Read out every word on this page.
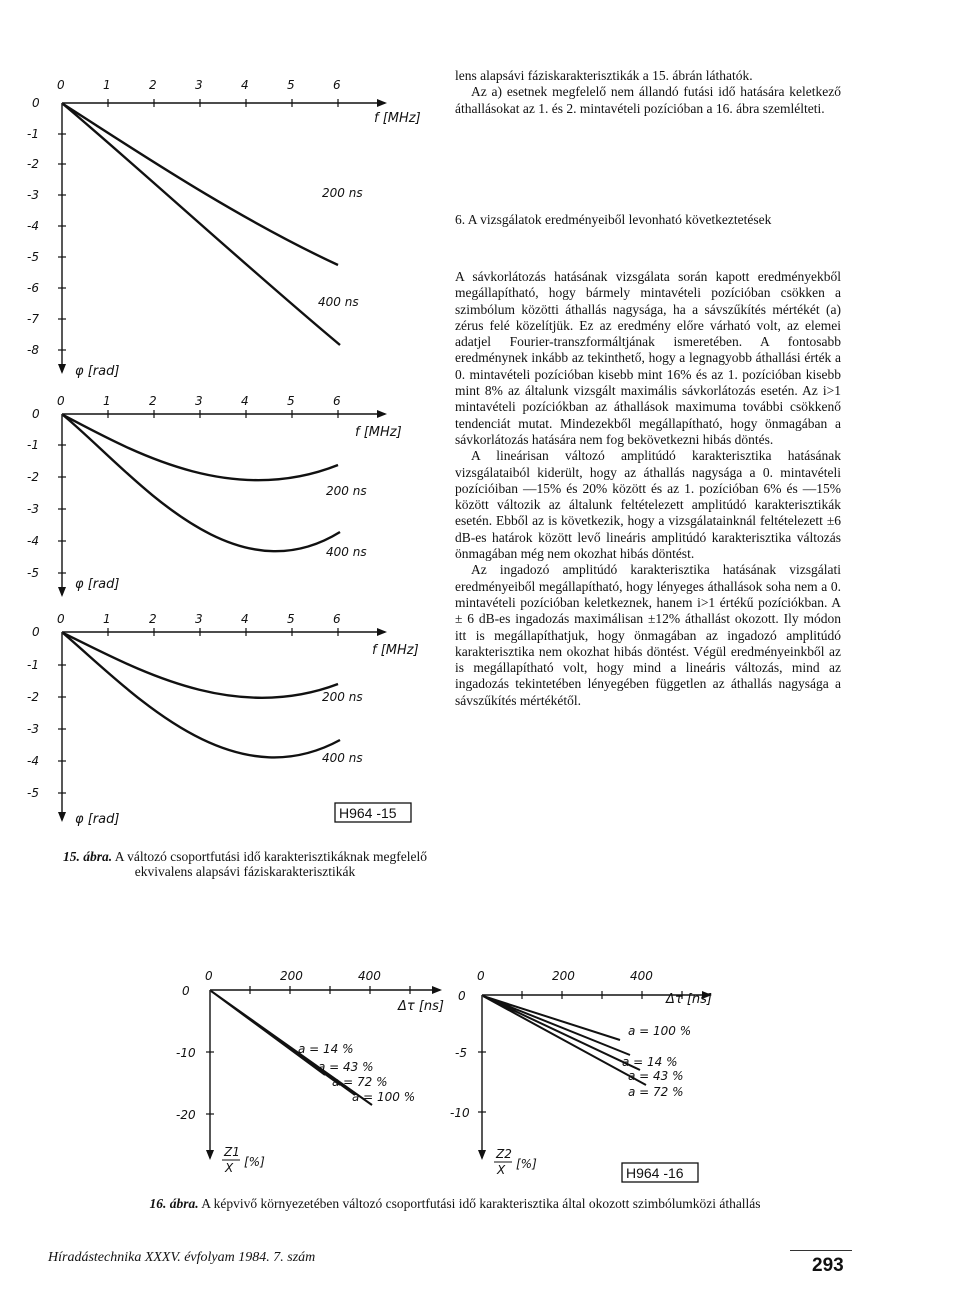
0	1	2	3	4	5	6
0
-1
-2
-3
-4
-5
-6
-7
-8
f [MHz]
φ [rad]
200 ns
400 ns
0	1	2	3	4	5	6
0
-1
-2
-3
-4
-5
f [MHz]
φ [rad]
200 ns
400 ns
0	1	2	3	4	5	6
0
-1
-2
-3
-4
-5
f [MHz]
φ [rad]
200 ns
400 ns
H964 -15
0	200	400
0
-10
-20
Δτ [ns]
a = 14 %
a = 43 %
a = 72 %
a = 100 %
Z1
X [%]
0	200	400
0
-5
-10
Δτ [ns]
a = 100 %
a = 14 %
a = 43 %
a = 72 %
Z2
X [%]
H964 -16
15. ábra. A változó csoportfutási idő karakterisztikáknak megfelelő ekvivalens alapsávi fáziskarakterisztikák

lens alapsávi fáziskarakterisztikák a 15. ábrán láthatók.

Az a) esetnek megfelelő nem állandó futási idő hatására keletkező áthallásokat az 1. és 2. mintavételi pozícióban a 16. ábra szemlélteti.

6. A vizsgálatok eredményeiből levonható következtetések

A sávkorlátozás hatásának vizsgálata során kapott eredményekből megállapítható, hogy bármely mintavételi pozícióban csökken a szimbólum közötti áthallás nagysága, ha a sávszűkítés mértékét (a) zérus felé közelítjük. Ez az eredmény előre várható volt, az elemei adatjel Fourier-transzformáltjának ismeretében. A fontosabb eredménynek inkább az tekinthető, hogy a legnagyobb áthallási érték a 0. mintavételi pozícióban kisebb mint 16% és az 1. pozícióban kisebb mint 8% az általunk vizsgált maximális sávkorlátozás esetén. Az i>1 mintavételi pozíciókban az áthallások maximuma további csökkenő tendenciát mutat. Mindezekből megállapítható, hogy önmagában a sávkorlátozás hatására nem fog bekövetkezni hibás döntés.

A lineárisan változó amplitúdó karakterisztika hatásának vizsgálataiból kiderült, hogy az áthallás nagysága a 0. mintavételi pozícióiban —15% és 20% között és az 1. pozícióban 6% és —15% között változik az általunk feltételezett amplitúdó karakterisztikák esetén. Ebből az is következik, hogy a vizsgálatainknál feltételezett ±6 dB-es határok között levő lineáris amplitúdó karakterisztika változás önmagában még nem okozhat hibás döntést.

Az ingadozó amplitúdó karakterisztika hatásának vizsgálati eredményeiből megállapítható, hogy lényeges áthallások soha nem a 0. mintavételi pozícióban keletkeznek, hanem i>1 értékű pozíciókban. A ± 6 dB-es ingadozás maximálisan ±12% áthallást okozott. Ily módon itt is megállapíthatjuk, hogy önmagában az ingadozó amplitúdó karakterisztika nem okozhat hibás döntést. Végül eredményeinkből az is megállapítható volt, hogy mind a lineáris változás, mind az ingadozás tekintetében lényegében független az áthallás nagysága a sávszűkítés mértékétől.

16. ábra. A képvivő környezetében változó csoportfutási idő karakterisztika által okozott szimbólumközi áthallás
Híradástechnika XXXV. évfolyam 1984. 7. szám	293
